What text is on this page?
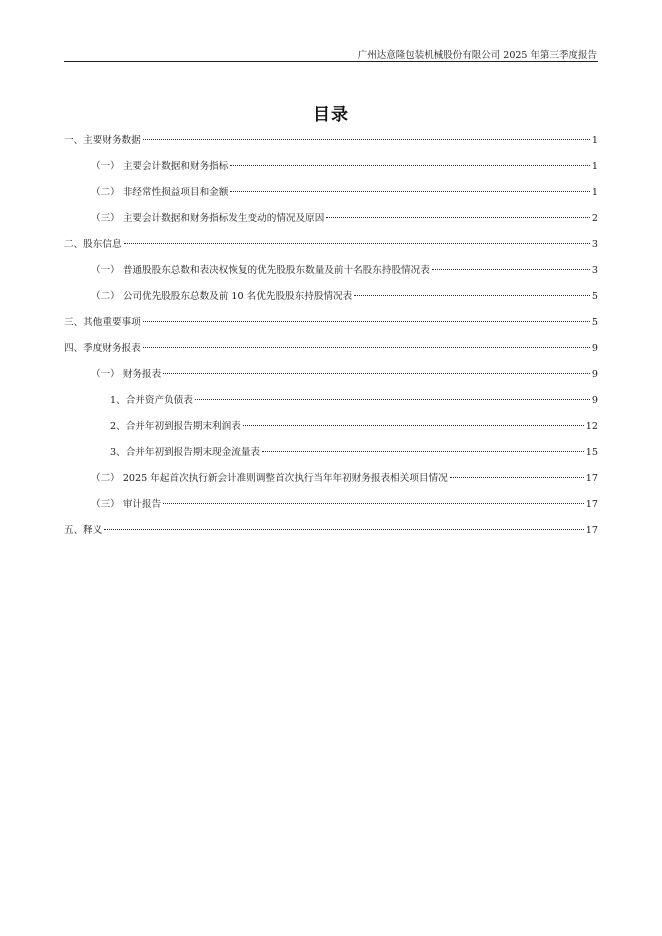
广州达意隆包装机械股份有限公司 2025 年第三季度报告
目录
一、主要财务数据	1
（一） 主要会计数据和财务指标	1
（二） 非经常性损益项目和金额	1
（三） 主要会计数据和财务指标发生变动的情况及原因	2
二、股东信息	3
（一） 普通股股东总数和表决权恢复的优先股股东数量及前十名股东持股情况表	3
（二） 公司优先股股东总数及前 10 名优先股股东持股情况表	5
三、其他重要事项	5
四、季度财务报表	9
（一） 财务报表	9
1、合并资产负债表	9
2、合并年初到报告期末利润表	12
3、合并年初到报告期末现金流量表	15
（二） 2025 年起首次执行新会计准则调整首次执行当年年初财务报表相关项目情况	17
（三） 审计报告	17
五、释义	17
